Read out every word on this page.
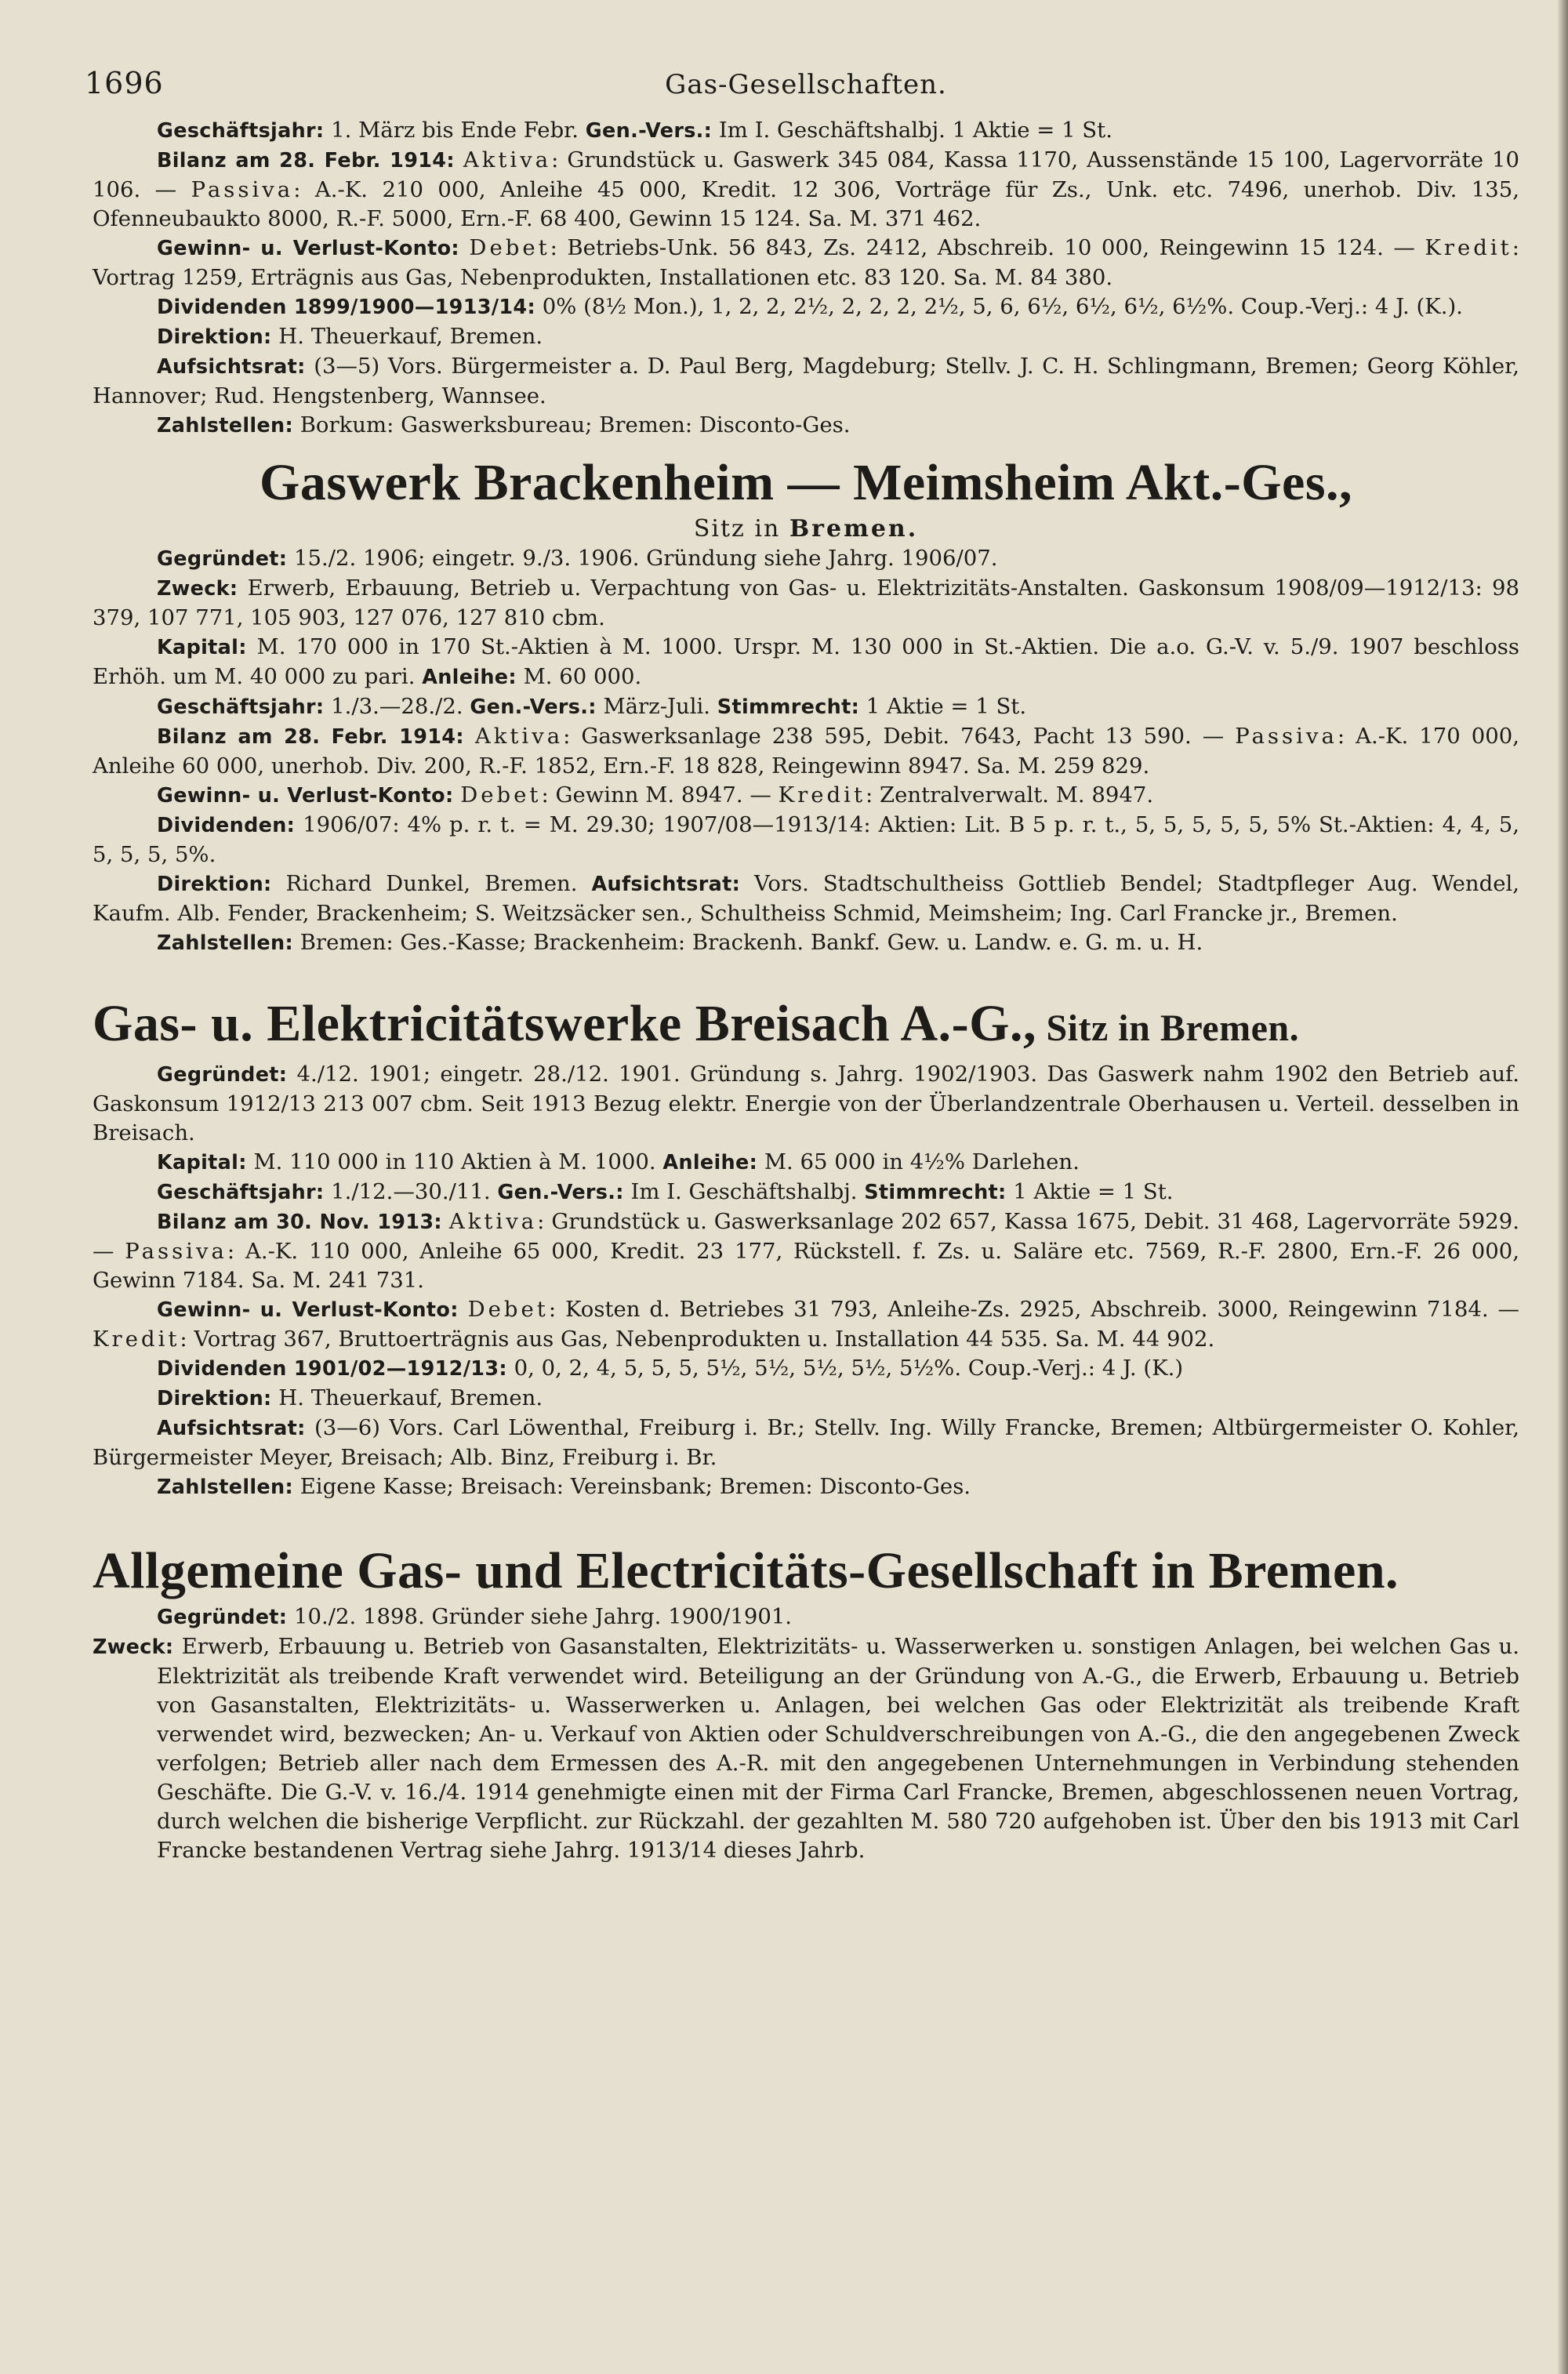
1696	Gas-Gesellschaften.

Geschäftsjahr: 1. März bis Ende Febr. Gen.-Vers.: Im I. Geschäftshalbj. 1 Aktie = 1 St.

Bilanz am 28. Febr. 1914: Aktiva: Grundstück u. Gaswerk 345 084, Kassa 1170, Aussenstände 15 100, Lagervorräte 10 106. — Passiva: A.-K. 210 000, Anleihe 45 000, Kredit. 12 306, Vorträge für Zs., Unk. etc. 7496, unerhob. Div. 135, Ofenneubaukto 8000, R.-F. 5000, Ern.-F. 68 400, Gewinn 15 124. Sa. M. 371 462.

Gewinn- u. Verlust-Konto: Debet: Betriebs-Unk. 56 843, Zs. 2412, Abschreib. 10 000, Reingewinn 15 124. — Kredit: Vortrag 1259, Erträgnis aus Gas, Nebenprodukten, Installationen etc. 83 120. Sa. M. 84 380.

Dividenden 1899/1900—1913/14: 0% (8½ Mon.), 1, 2, 2, 2½, 2, 2, 2, 2½, 5, 6, 6½, 6½, 6½, 6½%. Coup.-Verj.: 4 J. (K.).

Direktion: H. Theuerkauf, Bremen.

Aufsichtsrat: (3—5) Vors. Bürgermeister a. D. Paul Berg, Magdeburg; Stellv. J. C. H. Schlingmann, Bremen; Georg Köhler, Hannover; Rud. Hengstenberg, Wannsee.

Zahlstellen: Borkum: Gaswerksbureau; Bremen: Disconto-Ges.

Gaswerk Brackenheim — Meimsheim Akt.-Ges.,

Sitz in Bremen.

Gegründet: 15./2. 1906; eingetr. 9./3. 1906. Gründung siehe Jahrg. 1906/07.

Zweck: Erwerb, Erbauung, Betrieb u. Verpachtung von Gas- u. Elektrizitäts-Anstalten. Gaskonsum 1908/09—1912/13: 98 379, 107 771, 105 903, 127 076, 127 810 cbm.

Kapital: M. 170 000 in 170 St.-Aktien à M. 1000. Urspr. M. 130 000 in St.-Aktien. Die a.o. G.-V. v. 5./9. 1907 beschloss Erhöh. um M. 40 000 zu pari. Anleihe: M. 60 000.

Geschäftsjahr: 1./3.—28./2. Gen.-Vers.: März-Juli. Stimmrecht: 1 Aktie = 1 St.

Bilanz am 28. Febr. 1914: Aktiva: Gaswerksanlage 238 595, Debit. 7643, Pacht 13 590. — Passiva: A.-K. 170 000, Anleihe 60 000, unerhob. Div. 200, R.-F. 1852, Ern.-F. 18 828, Reingewinn 8947. Sa. M. 259 829.

Gewinn- u. Verlust-Konto: Debet: Gewinn M. 8947. — Kredit: Zentralverwalt. M. 8947.

Dividenden: 1906/07: 4% p. r. t. = M. 29.30; 1907/08—1913/14: Aktien: Lit. B 5 p. r. t., 5, 5, 5, 5, 5, 5% St.-Aktien: 4, 4, 5, 5, 5, 5, 5%.

Direktion: Richard Dunkel, Bremen. Aufsichtsrat: Vors. Stadtschultheiss Gottlieb Bendel; Stadtpfleger Aug. Wendel, Kaufm. Alb. Fender, Brackenheim; S. Weitzsäcker sen., Schultheiss Schmid, Meimsheim; Ing. Carl Francke jr., Bremen.

Zahlstellen: Bremen: Ges.-Kasse; Brackenheim: Brackenh. Bankf. Gew. u. Landw. e. G. m. u. H.

Gas- u. Elektricitätswerke Breisach A.-G., Sitz in Bremen.

Gegründet: 4./12. 1901; eingetr. 28./12. 1901. Gründung s. Jahrg. 1902/1903. Das Gaswerk nahm 1902 den Betrieb auf. Gaskonsum 1912/13 213 007 cbm. Seit 1913 Bezug elektr. Energie von der Überlandzentrale Oberhausen u. Verteil. desselben in Breisach.

Kapital: M. 110 000 in 110 Aktien à M. 1000. Anleihe: M. 65 000 in 4½% Darlehen.

Geschäftsjahr: 1./12.—30./11. Gen.-Vers.: Im I. Geschäftshalbj. Stimmrecht: 1 Aktie = 1 St.

Bilanz am 30. Nov. 1913: Aktiva: Grundstück u. Gaswerksanlage 202 657, Kassa 1675, Debit. 31 468, Lagervorräte 5929. — Passiva: A.-K. 110 000, Anleihe 65 000, Kredit. 23 177, Rückstell. f. Zs. u. Saläre etc. 7569, R.-F. 2800, Ern.-F. 26 000, Gewinn 7184. Sa. M. 241 731.

Gewinn- u. Verlust-Konto: Debet: Kosten d. Betriebes 31 793, Anleihe-Zs. 2925, Abschreib. 3000, Reingewinn 7184. — Kredit: Vortrag 367, Bruttoerträgnis aus Gas, Nebenprodukten u. Installation 44 535. Sa. M. 44 902.

Dividenden 1901/02—1912/13: 0, 0, 2, 4, 5, 5, 5, 5½, 5½, 5½, 5½, 5½%. Coup.-Verj.: 4 J. (K.)

Direktion: H. Theuerkauf, Bremen.

Aufsichtsrat: (3—6) Vors. Carl Löwenthal, Freiburg i. Br.; Stellv. Ing. Willy Francke, Bremen; Altbürgermeister O. Kohler, Bürgermeister Meyer, Breisach; Alb. Binz, Freiburg i. Br.

Zahlstellen: Eigene Kasse; Breisach: Vereinsbank; Bremen: Disconto-Ges.

Allgemeine Gas- und Electricitäts-Gesellschaft in Bremen.

Gegründet: 10./2. 1898. Gründer siehe Jahrg. 1900/1901.

Zweck: Erwerb, Erbauung u. Betrieb von Gasanstalten, Elektrizitäts- u. Wasserwerken u. sonstigen Anlagen, bei welchen Gas u. Elektrizität als treibende Kraft verwendet wird. Beteiligung an der Gründung von A.-G., die Erwerb, Erbauung u. Betrieb von Gasanstalten, Elektrizitäts- u. Wasserwerken u. Anlagen, bei welchen Gas oder Elektrizität als treibende Kraft verwendet wird, bezwecken; An- u. Verkauf von Aktien oder Schuldverschreibungen von A.-G., die den angegebenen Zweck verfolgen; Betrieb aller nach dem Ermessen des A.-R. mit den angegebenen Unternehmungen in Verbindung stehenden Geschäfte. Die G.-V. v. 16./4. 1914 genehmigte einen mit der Firma Carl Francke, Bremen, abgeschlossenen neuen Vortrag, durch welchen die bisherige Verpflicht. zur Rückzahl. der gezahlten M. 580 720 aufgehoben ist. Über den bis 1913 mit Carl Francke bestandenen Vertrag siehe Jahrg. 1913/14 dieses Jahrb.
